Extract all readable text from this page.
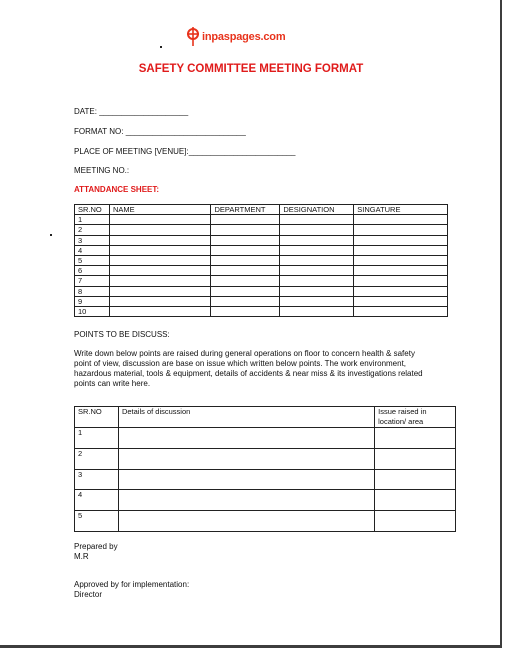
inpaspages.com
SAFETY COMMITTEE MEETING FORMAT
DATE: ____________________
FORMAT NO: ___________________________
PLACE OF MEETING [VENUE]:________________________
MEETING NO.:
ATTANDANCE SHEET:
SR.NO	NAME	DEPARTMENT	DESIGNATION	SINGATURE
1				
2				
3				
4				
5				
6				
7				
8				
9				
10				
POINTS TO BE DISCUSS:
Write down below points are raised during general operations on floor to concern health & safety point of view, discussion are base on issue which written below points. The work environment, hazardous material, tools & equipment, details of accidents & near miss & its investigations related points can write here.
SR.NO	Details of discussion	Issue raised in location/ area
1		
2		
3		
4		
5		
Prepared by
M.R
Approved by for implementation:
Director
